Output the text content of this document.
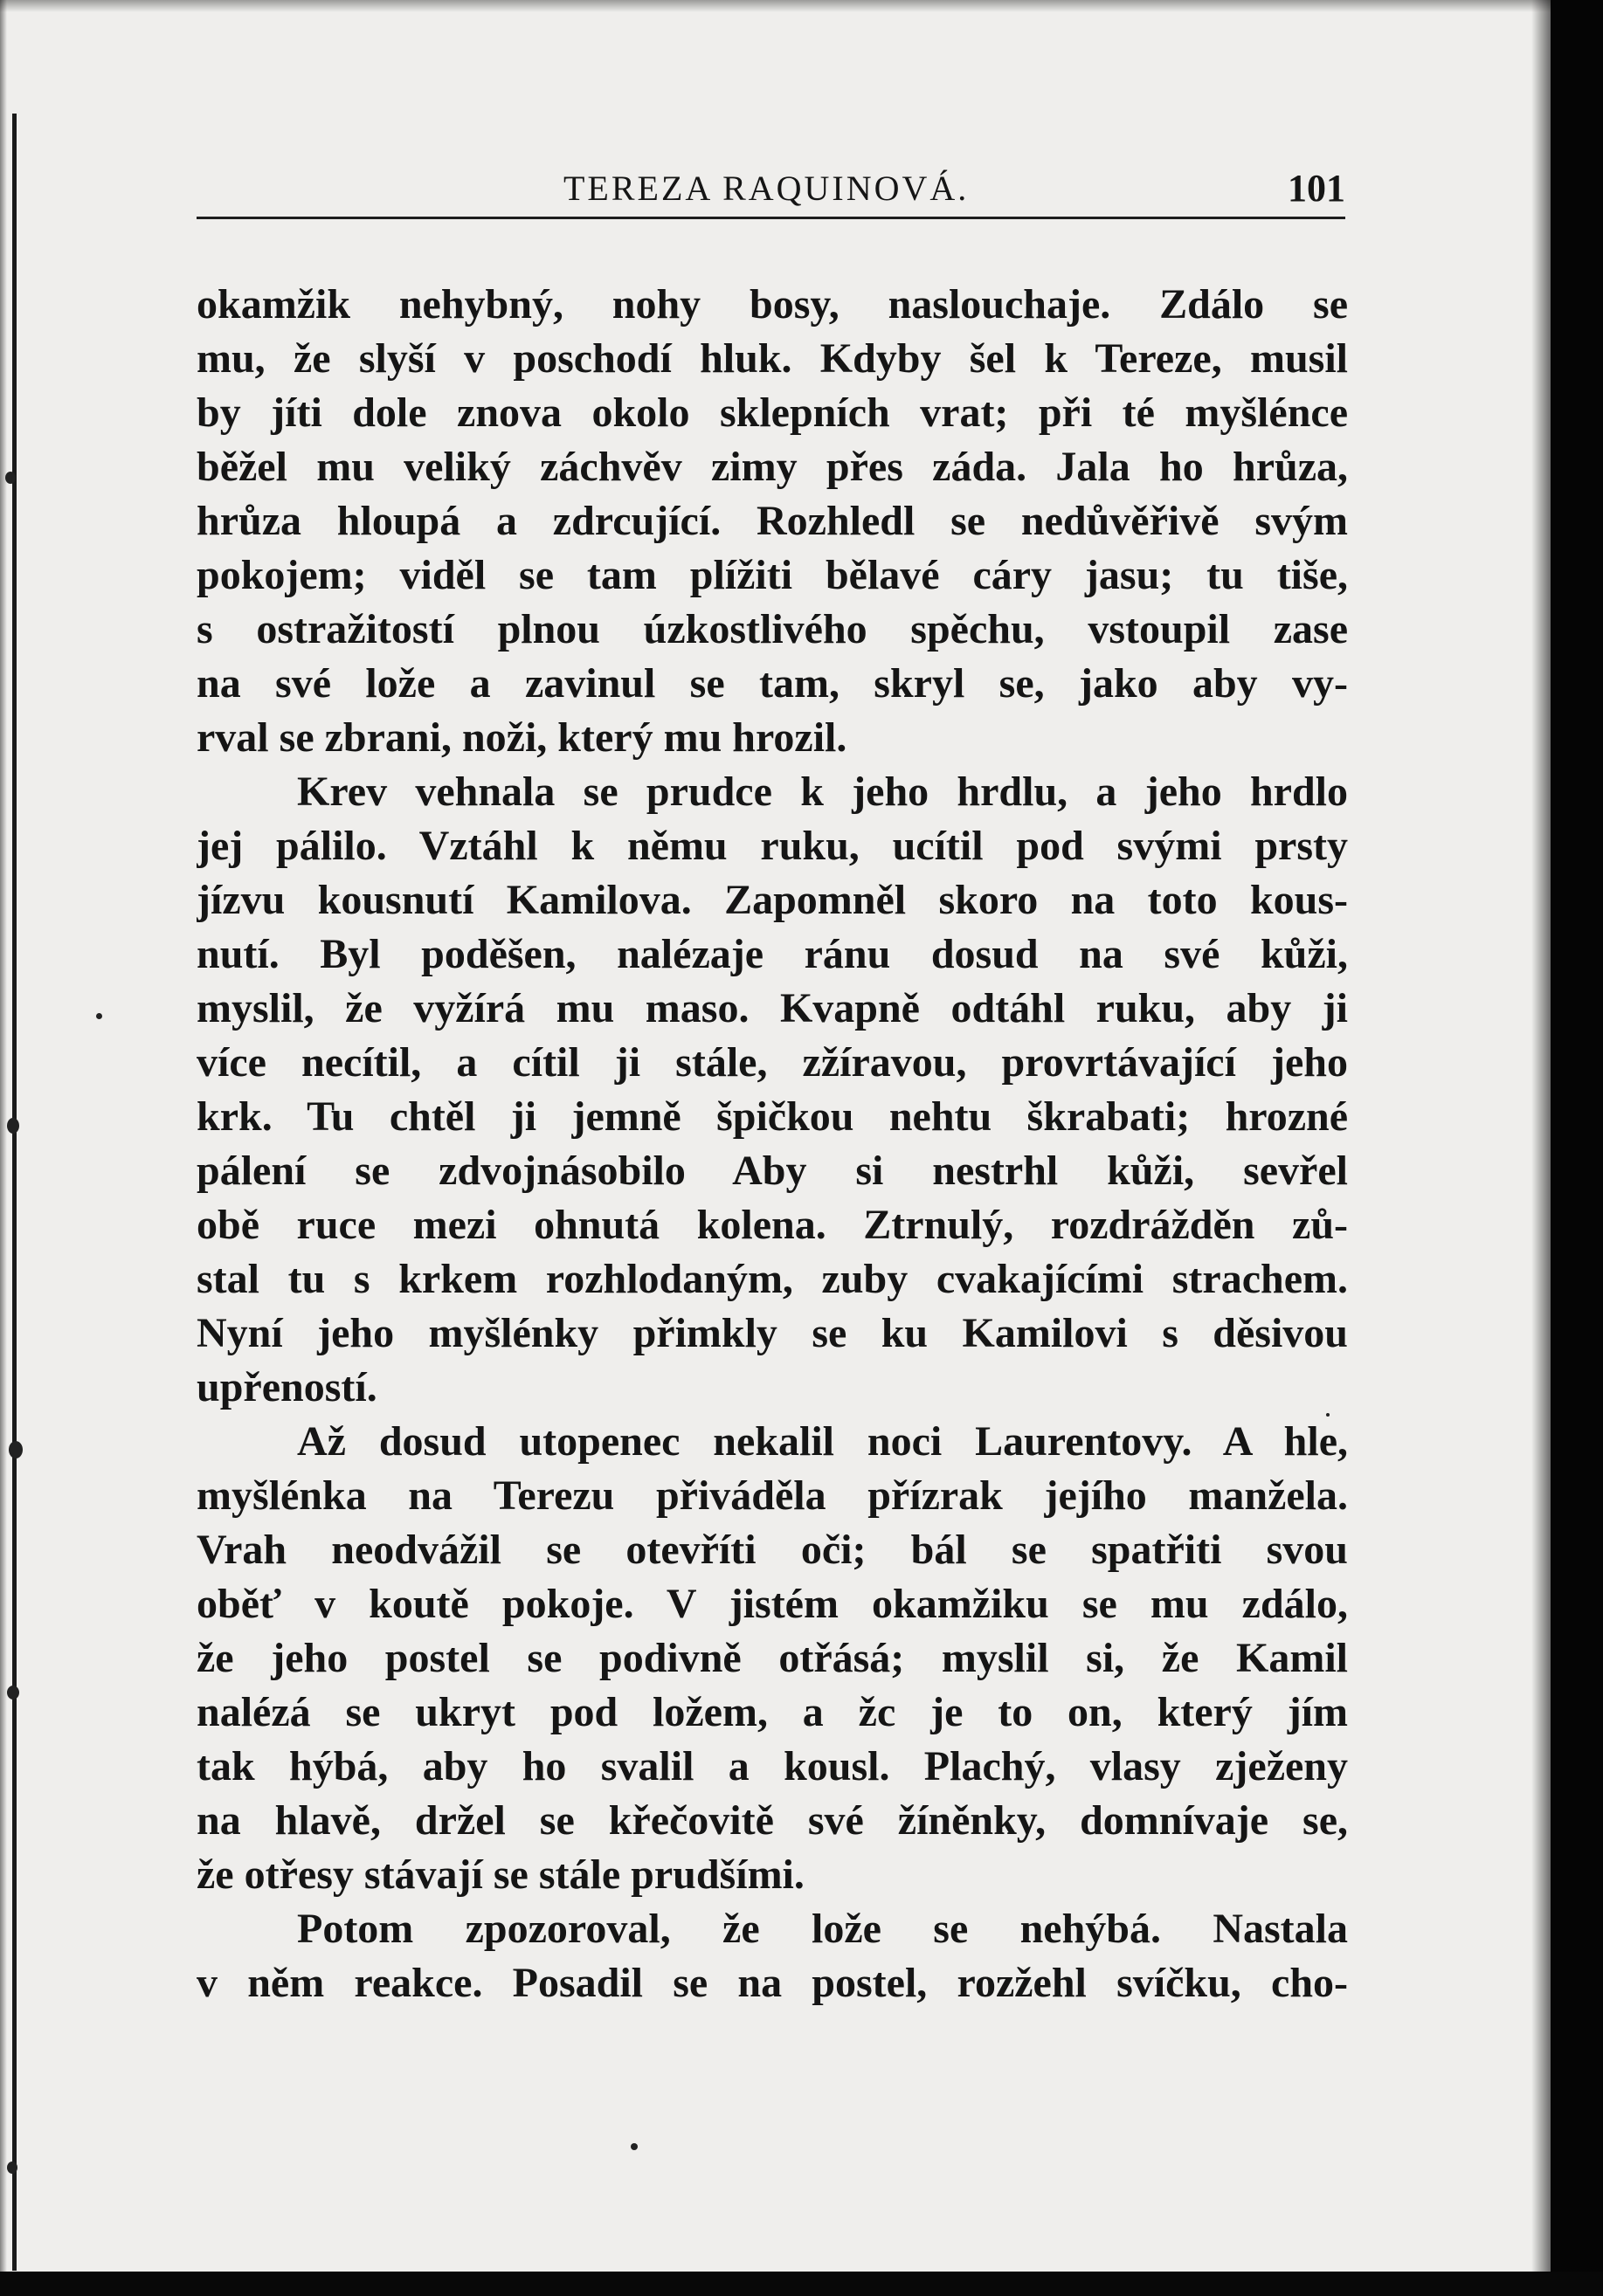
TEREZA RAQUINOVÁ.	101
okamžik nehybný, nohy bosy, naslouchaje. Zdálo se
mu, že slyší v poschodí hluk. Kdyby šel k Tereze, musil
by jíti dole znova okolo sklepních vrat; při té myšlénce
běžel mu veliký záchvěv zimy přes záda. Jala ho hrůza,
hrůza hloupá a zdrcující. Rozhledl se nedůvěřivě svým
pokojem; viděl se tam plížiti bělavé cáry jasu; tu tiše,
s ostražitostí plnou úzkostlivého spěchu, vstoupil zase
na své lože a zavinul se tam, skryl se, jako aby vy-
rval se zbrani, noži, který mu hrozil.
Krev vehnala se prudce k jeho hrdlu, a jeho hrdlo
jej pálilo. Vztáhl k němu ruku, ucítil pod svými prsty
jízvu kousnutí Kamilova. Zapomněl skoro na toto kous-
nutí. Byl poděšen, nalézaje ránu dosud na své kůži,
myslil, že vyžírá mu maso. Kvapně odtáhl ruku, aby ji
více necítil, a cítil ji stále, zžíravou, provrtávající jeho
krk. Tu chtěl ji jemně špičkou nehtu škrabati; hrozné
pálení se zdvojnásobilo Aby si nestrhl kůži, sevřel
obě ruce mezi ohnutá kolena. Ztrnulý, rozdrážděn zů-
stal tu s krkem rozhlodaným, zuby cvakajícími strachem.
Nyní jeho myšlénky přimkly se ku Kamilovi s děsivou
upřeností.
Až dosud utopenec nekalil noci Laurentovy. A hle,
myšlénka na Terezu přiváděla přízrak jejího manžela.
Vrah neodvážil se otevříti oči; bál se spatřiti svou
oběť v koutě pokoje. V jistém okamžiku se mu zdálo,
že jeho postel se podivně otřásá; myslil si, že Kamil
nalézá se ukryt pod ložem, a žc je to on, který jím
tak hýbá, aby ho svalil a kousl. Plachý, vlasy zježeny
na hlavě, držel se křečovitě své žíněnky, domnívaje se,
že otřesy stávají se stále prudšími.
Potom zpozoroval, že lože se nehýbá. Nastala
v něm reakce. Posadil se na postel, rozžehl svíčku, cho-
